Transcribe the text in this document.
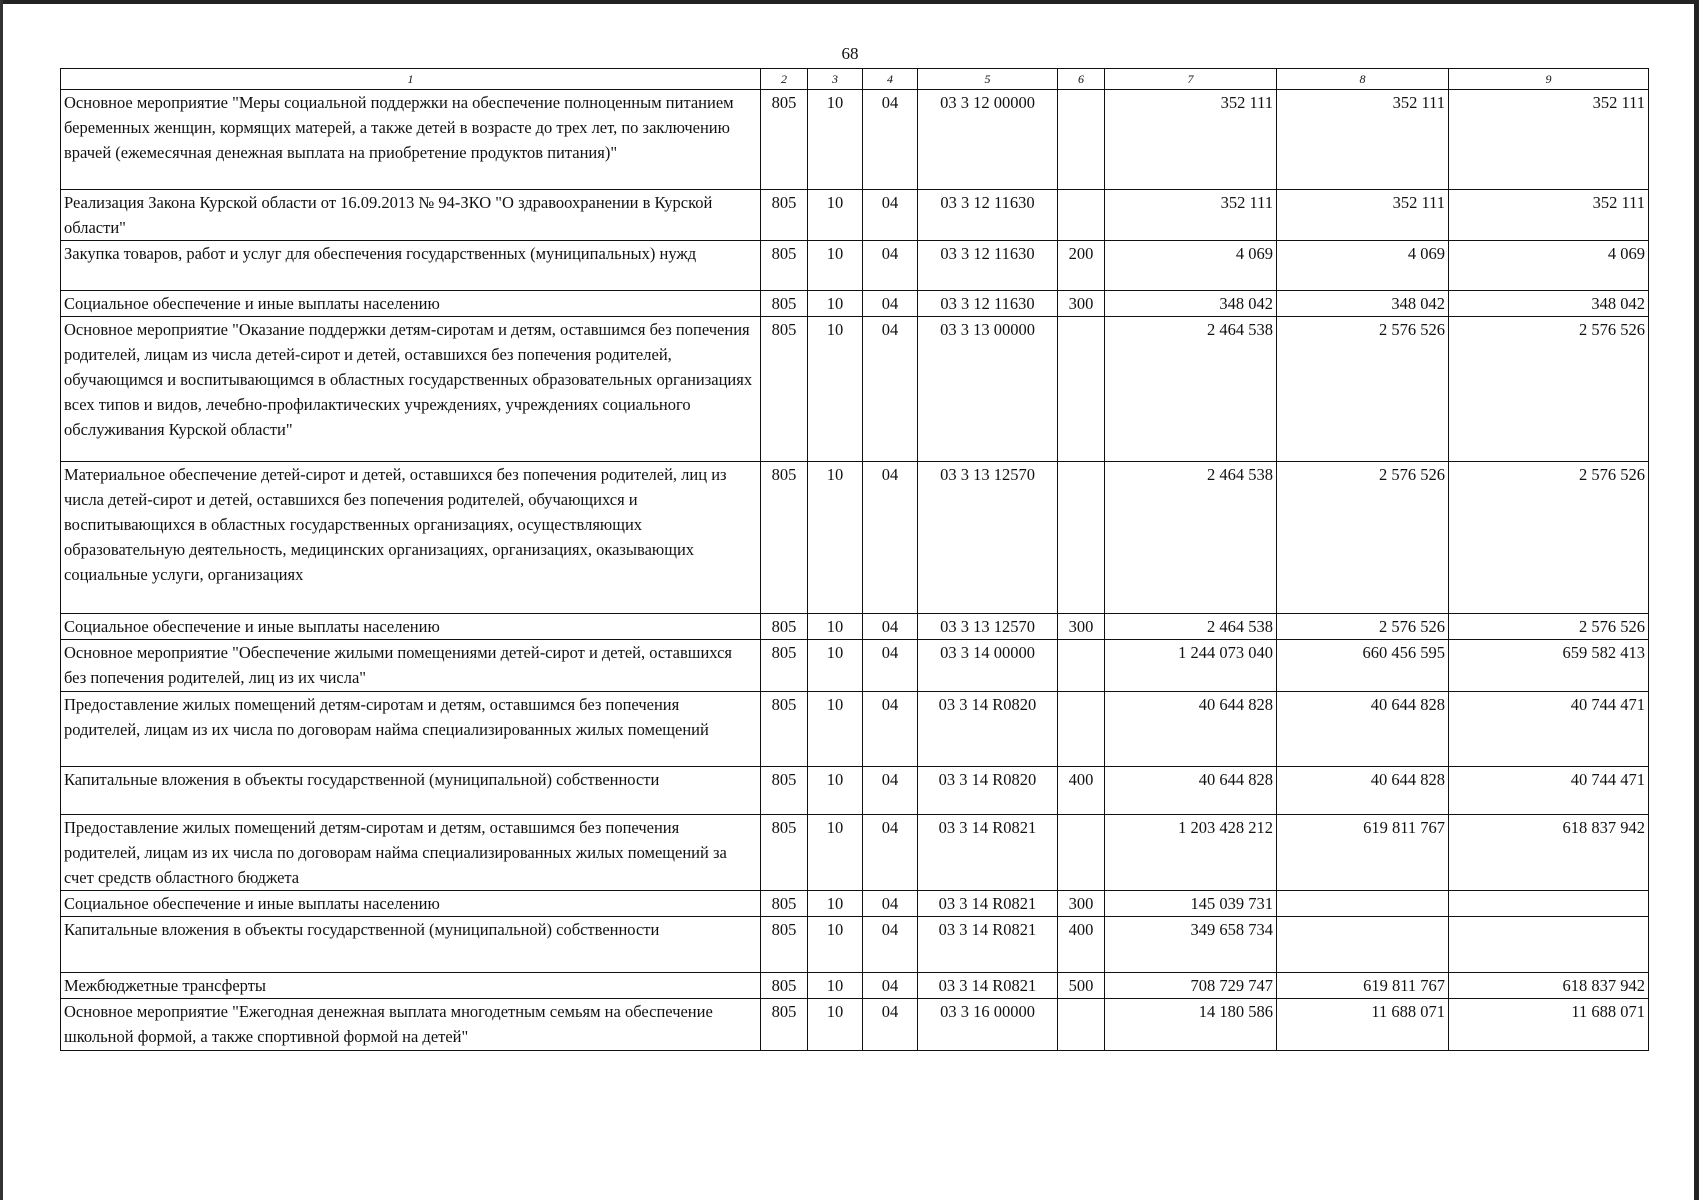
68
1	2	3	4	5	6	7	8	9
Основное мероприятие "Меры социальной поддержки на обеспечение полноценным питанием беременных женщин, кормящих матерей, а также детей в возрасте до трех лет, по заключению врачей (ежемесячная денежная выплата на приобретение продуктов питания)"	805	10	04	03 3 12 00000		352 111	352 111	352 111
Реализация Закона Курской области от 16.09.2013 № 94-ЗКО "О здравоохранении в Курской области"	805	10	04	03 3 12 11630		352 111	352 111	352 111
Закупка товаров, работ и услуг для обеспечения государственных (муниципальных) нужд	805	10	04	03 3 12 11630	200	4 069	4 069	4 069
Социальное обеспечение и иные выплаты населению	805	10	04	03 3 12 11630	300	348 042	348 042	348 042
Основное мероприятие "Оказание поддержки детям-сиротам и детям, оставшимся без попечения родителей, лицам из числа детей-сирот и детей, оставшихся без попечения родителей, обучающимся и воспитывающимся в областных государственных образовательных организациях всех типов и видов, лечебно-профилактических учреждениях, учреждениях социального обслуживания Курской области"	805	10	04	03 3 13 00000		2 464 538	2 576 526	2 576 526
Материальное обеспечение детей-сирот и детей, оставшихся без попечения родителей, лиц из числа детей-сирот и детей, оставшихся без попечения родителей, обучающихся и воспитывающихся в областных государственных организациях, осуществляющих образовательную деятельность, медицинских организациях, организациях, оказывающих социальные услуги, организациях	805	10	04	03 3 13 12570		2 464 538	2 576 526	2 576 526
Социальное обеспечение и иные выплаты населению	805	10	04	03 3 13 12570	300	2 464 538	2 576 526	2 576 526
Основное мероприятие "Обеспечение жилыми помещениями детей-сирот и детей, оставшихся без попечения родителей, лиц из их числа"	805	10	04	03 3 14 00000		1 244 073 040	660 456 595	659 582 413
Предоставление жилых помещений детям-сиротам и детям, оставшимся без попечения родителей, лицам из их числа по договорам найма специализированных жилых помещений	805	10	04	03 3 14 R0820		40 644 828	40 644 828	40 744 471
Капитальные вложения в объекты государственной (муниципальной) собственности	805	10	04	03 3 14 R0820	400	40 644 828	40 644 828	40 744 471
Предоставление жилых помещений детям-сиротам и детям, оставшимся без попечения родителей, лицам из их числа по договорам найма специализированных жилых помещений за счет средств областного бюджета	805	10	04	03 3 14 R0821		1 203 428 212	619 811 767	618 837 942
Социальное обеспечение и иные выплаты населению	805	10	04	03 3 14 R0821	300	145 039 731		
Капитальные вложения в объекты государственной (муниципальной) собственности	805	10	04	03 3 14 R0821	400	349 658 734		
Межбюджетные трансферты	805	10	04	03 3 14 R0821	500	708 729 747	619 811 767	618 837 942
Основное мероприятие "Ежегодная денежная выплата многодетным семьям на обеспечение школьной формой, а также спортивной формой на детей"	805	10	04	03 3 16 00000		14 180 586	11 688 071	11 688 071
